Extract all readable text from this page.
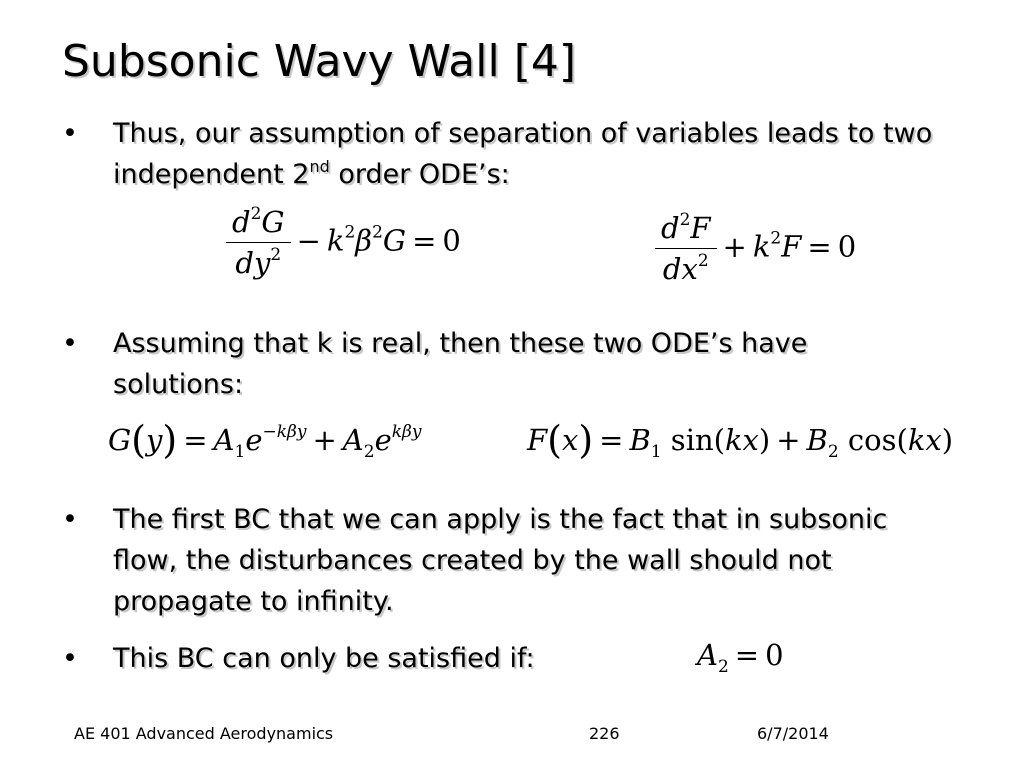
Subsonic Wavy Wall [4]
• Thus, our assumption of separation of variables leads to two independent 2nd order ODE’s:
$\frac{d^2G}{dy^2} - k^2\beta^2G = 0$	$\frac{d^2F}{dx^2} + k^2F = 0$
• Assuming that k is real, then these two ODE’s have solutions:
$G(y) = A_1e^{-k\beta y} + A_2e^{k\beta y}$	$F(x) = B_1$ $\sin(kx) + B_2$ cos(kx)
• The first BC that we can apply is the fact that in subsonic flow, the disturbances created by the wall should not propagate to infinity.
• This BC can only be satisfied if:	$A_2 = 0$
AE 401 Advanced Aerodynamics	226	6/7/2014
